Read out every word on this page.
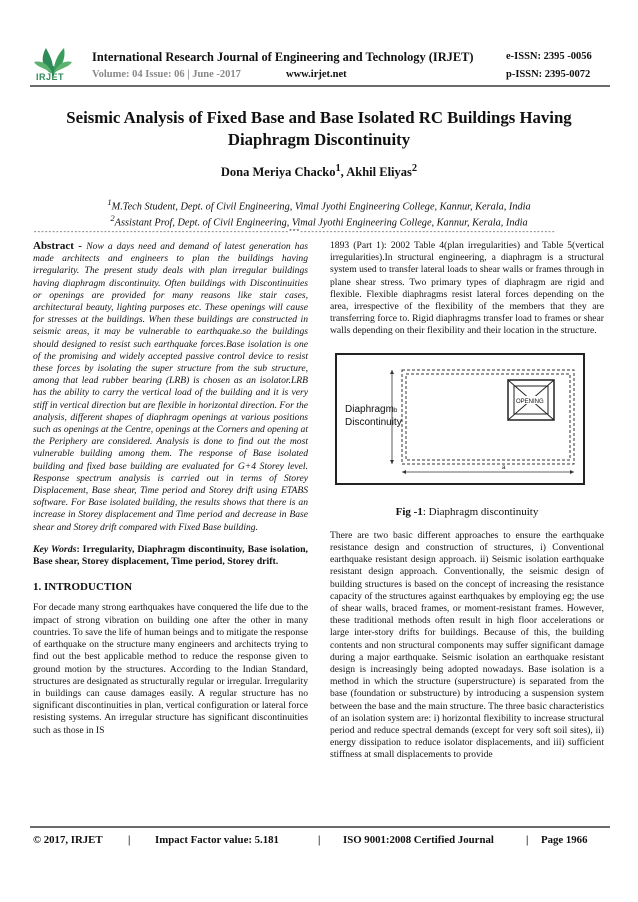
IRJET
International Research Journal of Engineering and Technology (IRJET)	e-ISSN: 2395 -0056
Volume: 04 Issue: 06 | June -2017	www.irjet.net	p-ISSN: 2395-0072
Seismic Analysis of Fixed Base and Base Isolated RC Buildings Having Diaphragm Discontinuity
Dona Meriya Chacko$^1$, Akhil Eliyas$^2$
$^1$M.Tech Student, Dept. of Civil Engineering, Vimal Jyothi Engineering College, Kannur, Kerala, India
$^2$Assistant Prof, Dept. of Civil Engineering, Vimal Jyothi Engineering College, Kannur, Kerala, India
---------------------------------------------------------------------***---------------------------------------------------------------------

Abstract - Now a days need and demand of latest generation has made architects and engineers to plan the buildings having irregularity. The present study deals with plan irregular buildings having diaphragm discontinuity. Often buildings with Discontinuities or openings are provided for many reasons like stair cases, architectural beauty, lighting purposes etc. These openings will cause for stresses at the buildings. When these buildings are constructed in seismic areas, it may be vulnerable to earthquake.so the buildings should designed to resist such earthquake forces.Base isolation is one of the promising and widely accepted passive control device to resist these forces by isolating the super structure from the sub structure, among that lead rubber bearing (LRB) is chosen as an isolator.LRB has the ability to carry the vertical load of the building and it is very stiff in vertical direction but are flexible in horizontal direction. For the analysis, different shapes of diaphragm openings at various positions such as openings at the Centre, openings at the Corners and opening at the Periphery are considered. Analysis is done to find out the most vulnerable building among them. The response of Base isolated building and fixed base building are evaluated for G+4 Storey level. Response spectrum analysis is carried out in terms of Storey Displacement, Base shear, Time period and Storey drift using ETABS software. For Base isolated building, the results shows that there is an increase in Storey displacement and Time period and decrease in Base shear and Storey drift compared with Fixed Base building.

Key Words: Irregularity, Diaphragm discontinuity, Base isolation, Base shear, Storey displacement, Time period, Storey drift.

1. INTRODUCTION

For decade many strong earthquakes have conquered the life due to the impact of strong vibration on building one after the other in many countries. To save the life of human beings and to mitigate the response of earthquake on the structure many engineers and architects trying to find out the best applicable method to reduce the response given to ground motion by the structures. According to the Indian Standard, structures are designated as structurally regular or irregular. Irregularity in buildings can cause damages easily. A regular structure has no significant discontinuities in plan, vertical configuration or lateral force resisting systems. An irregular structure has significant discontinuities such as those in IS

1893 (Part 1): 2002 Table 4(plan irregularities) and Table 5(vertical irregularities).In structural engineering, a diaphragm is a structural system used to transfer lateral loads to shear walls or frames through in plane shear stress. Two primary types of diaphragm are rigid and flexible. Flexible diaphragms resist lateral forces depending on the area, irrespective of the flexibility of the members that they are transferring force to. Rigid diaphragms transfer load to frames or shear walls depending on their flexibility and their location in the structure.

Diaphragm
Discontinuity
OPENING
b
a
Fig -1: Diaphragm discontinuity

There are two basic different approaches to ensure the earthquake resistance design and construction of structures, i) Conventional earthquake resistant design approach. ii) Seismic isolation earthquake resistant design approach. Conventionally, the seismic design of building structures is based on the concept of increasing the resistance capacity of the structures against earthquakes by employing eg; the use of shear walls, braced frames, or moment-resistant frames. However, these traditional methods often result in high floor accelerations or large inter-story drifts for buildings. Because of this, the building contents and non structural components may suffer significant damage during a major earthquake. Seismic isolation an earthquake resistant design is increasingly being adopted nowadays. Base isolation is a method in which the structure (superstructure) is separated from the base (foundation or substructure) by introducing a suspension system between the base and the main structure. The three basic characteristics of an isolation system are: i) horizontal flexibility to increase structural period and reduce spectral demands (except for very soft soil sites), ii) energy dissipation to reduce isolator displacements, and iii) sufficient stiffness at small displacements to provide

© 2017, IRJET | Impact Factor value: 5.181	| ISO 9001:2008 Certified Journal	| Page 1966
